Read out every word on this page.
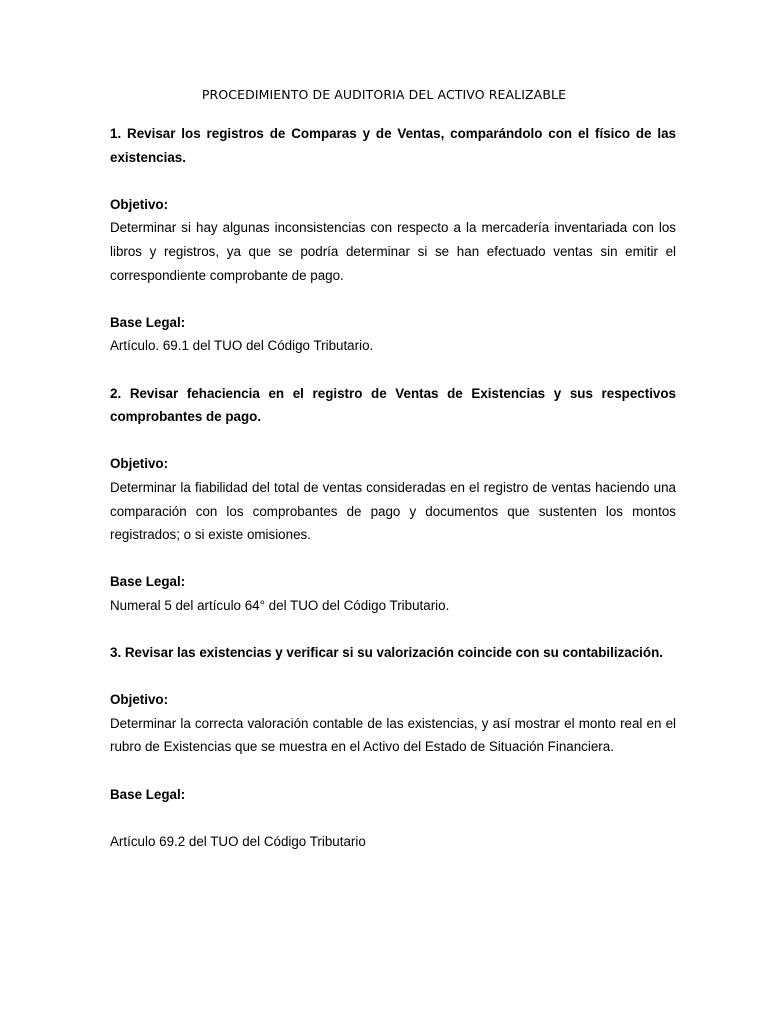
PROCEDIMIENTO DE AUDITORIA DEL ACTIVO REALIZABLE

1. Revisar los registros de Comparas y de Ventas, comparándolo con el físico de las existencias.

Objetivo:

Determinar si hay algunas inconsistencias con respecto a la mercadería inventariada con los libros y registros, ya que se podría determinar si se han efectuado ventas sin emitir el correspondiente comprobante de pago.

Base Legal:

Artículo. 69.1 del TUO del Código Tributario.

2. Revisar fehaciencia en el registro de Ventas de Existencias y sus respectivos comprobantes de pago.

Objetivo:

Determinar la fiabilidad del total de ventas consideradas en el registro de ventas haciendo una comparación con los comprobantes de pago y documentos que sustenten los montos registrados; o si existe omisiones.

Base Legal:

Numeral 5 del artículo 64° del TUO del Código Tributario.

3. Revisar las existencias y verificar si su valorización coincide con su contabilización.

Objetivo:

Determinar la correcta valoración contable de las existencias, y así mostrar el monto real en el rubro de Existencias que se muestra en el Activo del Estado de Situación Financiera.

Base Legal:

Artículo 69.2 del TUO del Código Tributario
